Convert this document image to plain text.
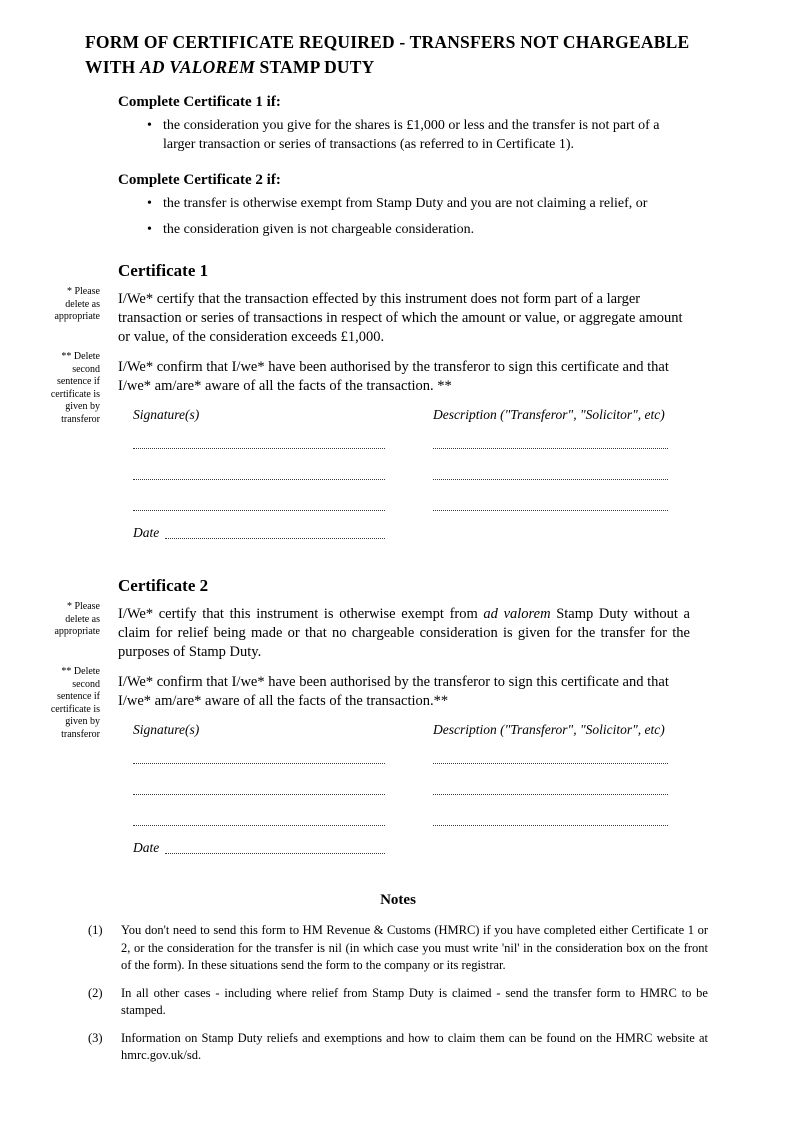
FORM OF CERTIFICATE REQUIRED - TRANSFERS NOT CHARGEABLE
WITH AD VALOREM STAMP DUTY
Complete Certificate 1 if:
• the consideration you give for the shares is £1,000 or less and the transfer is not part of a larger transaction or series of transactions (as referred to in Certificate 1).
Complete Certificate 2 if:
• the transfer is otherwise exempt from Stamp Duty and you are not claiming a relief, or
• the consideration given is not chargeable consideration.
Certificate 1
* Please delete as appropriate

I/We* certify that the transaction effected by this instrument does not form part of a larger transaction or series of transactions in respect of which the amount or value, or aggregate amount or value, of the consideration exceeds £1,000.

** Delete second sentence if certificate is given by transferor

I/We* confirm that I/we* have been authorised by the transferor to sign this certificate and that I/we* am/are* aware of all the facts of the transaction. **

Signature(s)	Description ("Transferor", "Solicitor", etc)
Date
Certificate 2
* Please delete as appropriate

I/We* certify that this instrument is otherwise exempt from ad valorem Stamp Duty without a claim for relief being made or that no chargeable consideration is given for the transfer for the purposes of Stamp Duty.

** Delete second sentence if certificate is given by transferor

I/We* confirm that I/we* have been authorised by the transferor to sign this certificate and that I/we* am/are* aware of all the facts of the transaction.**

Signature(s)	Description ("Transferor", "Solicitor", etc)
Date
Notes
(1)	You don't need to send this form to HM Revenue & Customs (HMRC) if you have completed either Certificate 1 or 2, or the consideration for the transfer is nil (in which case you must write 'nil' in the consideration box on the front of the form). In these situations send the form to the company or its registrar.
(2)	In all other cases - including where relief from Stamp Duty is claimed - send the transfer form to HMRC to be stamped.
(3)	Information on Stamp Duty reliefs and exemptions and how to claim them can be found on the HMRC website at hmrc.gov.uk/sd.
